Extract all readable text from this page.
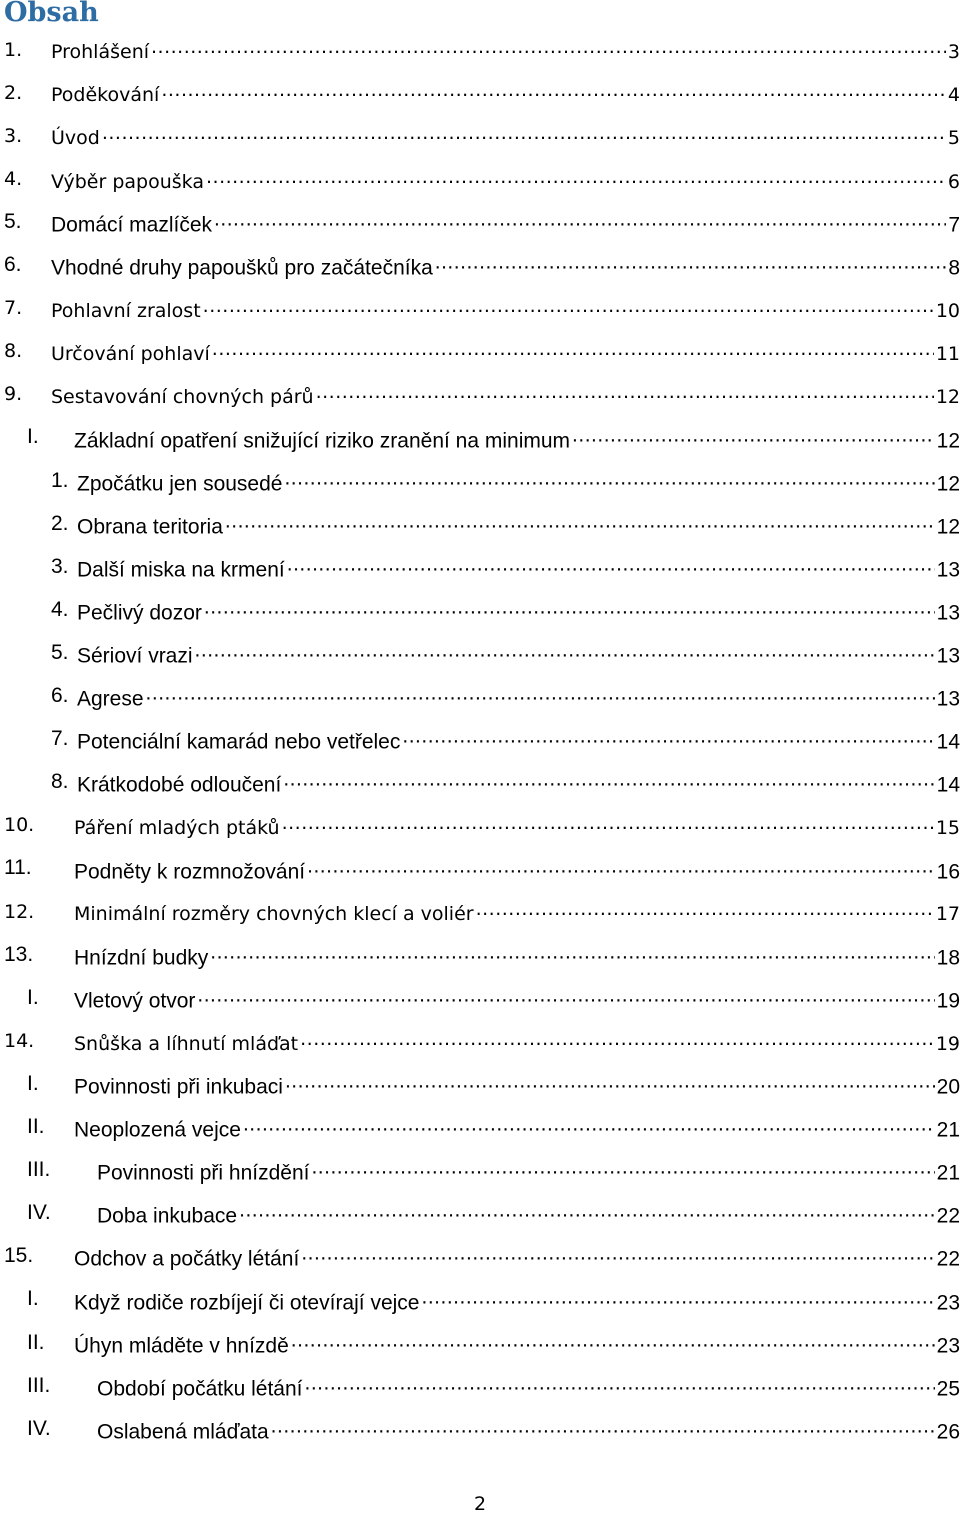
Obsah
1. Prohlášení .....	3
2. Poděkování .....	4
3. Úvod .....	5
4. Výběr papouška .....	6
5. Domácí mazlíček .....	7
6. Vhodné druhy papoušků pro začátečníka .....	8
7. Pohlavní zralost .....	10
8. Určování pohlaví .....	11
9. Sestavování chovných párů .....	12
I. Základní opatření snižující riziko zranění na minimum .....	12
1. Zpočátku jen sousedé .....	12
2. Obrana teritoria .....	12
3. Další miska na krmení .....	13
4. Pečlivý dozor .....	13
5. Sérioví vrazi .....	13
6. Agrese .....	13
7. Potenciální kamarád nebo vetřelec .....	14
8. Krátkodobé odloučení .....	14
10. Páření mladých ptáků .....	15
11. Podněty k rozmnožování .....	16
12. Minimální rozměry chovných klecí a voliér .....	17
13. Hnízdní budky .....	18
I. Vletový otvor .....	19
14. Snůška a líhnutí mláďat .....	19
I. Povinnosti při inkubaci .....	20
II. Neoplozená vejce .....	21
III. Povinnosti při hnízdění .....	21
IV. Doba inkubace .....	22
15. Odchov a počátky létání .....	22
I. Když rodiče rozbíjejí či otevírají vejce .....	23
II. Úhyn mláděte v hnízdě .....	23
III. Období počátku létání .....	25
IV. Oslabená mláďata .....	26
2
